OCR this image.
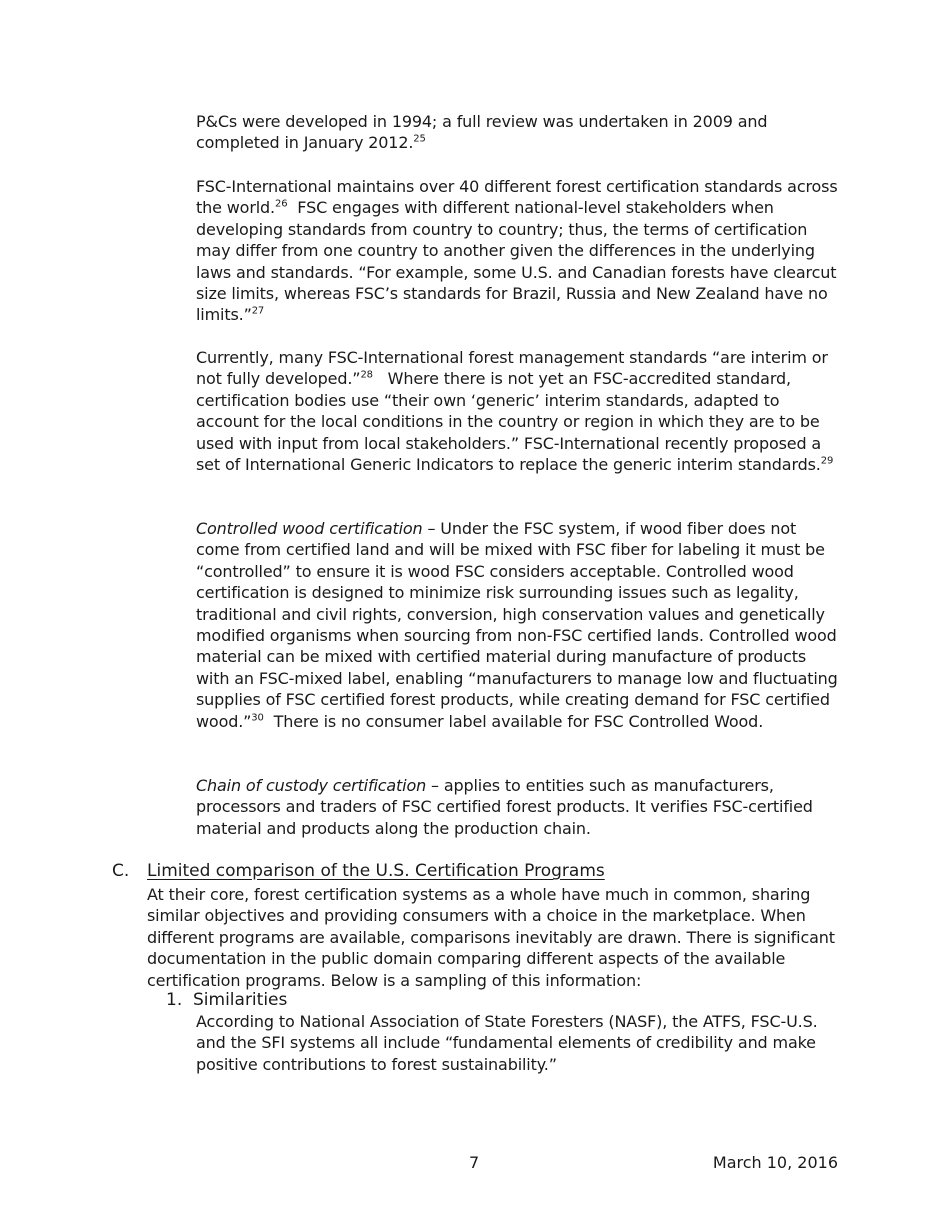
P&Cs were developed in 1994; a full review was undertaken in 2009 and completed in January 2012.25

FSC-International maintains over 40 different forest certification standards across the world.$^{26}$  FSC engages with different national-level stakeholders when developing standards from country to country; thus, the terms of certification may differ from one country to another given the differences in the underlying laws and standards. “For example, some U.S. and Canadian forests have clearcut size limits, whereas FSC’s standards for Brazil, Russia and New Zealand have no limits.”$^{27}$

Currently, many FSC-International forest management standards “are interim or not fully developed.”$^{28}$   Where there is not yet an FSC-accredited standard, certification bodies use “their own ‘generic’ interim standards, adapted to account for the local conditions in the country or region in which they are to be used with input from local stakeholders.” FSC-International recently proposed a set of International Generic Indicators to replace the generic interim standards.$^{29}$

Controlled wood certification – Under the FSC system, if wood fiber does not come from certified land and will be mixed with FSC fiber for labeling it must be “controlled” to ensure it is wood FSC considers acceptable. Controlled wood certification is designed to minimize risk surrounding issues such as legality, traditional and civil rights, conversion, high conservation values and genetically modified organisms when sourcing from non-FSC certified lands. Controlled wood material can be mixed with certified material during manufacture of products with an FSC-mixed label, enabling “manufacturers to manage low and fluctuating supplies of FSC certified forest products, while creating demand for FSC certified wood.”$^{30}$  There is no consumer label available for FSC Controlled Wood.

Chain of custody certification – applies to entities such as manufacturers, processors and traders of FSC certified forest products. It verifies FSC-certified material and products along the production chain.

C. Limited comparison of the U.S. Certification Programs

At their core, forest certification systems as a whole have much in common, sharing similar objectives and providing consumers with a choice in the marketplace. When different programs are available, comparisons inevitably are drawn. There is significant documentation in the public domain comparing different aspects of the available certification programs. Below is a sampling of this information:

1. Similarities

According to National Association of State Foresters (NASF), the ATFS, FSC-U.S. and the SFI systems all include “fundamental elements of credibility and make positive contributions to forest sustainability.”

7	March 10, 2016
